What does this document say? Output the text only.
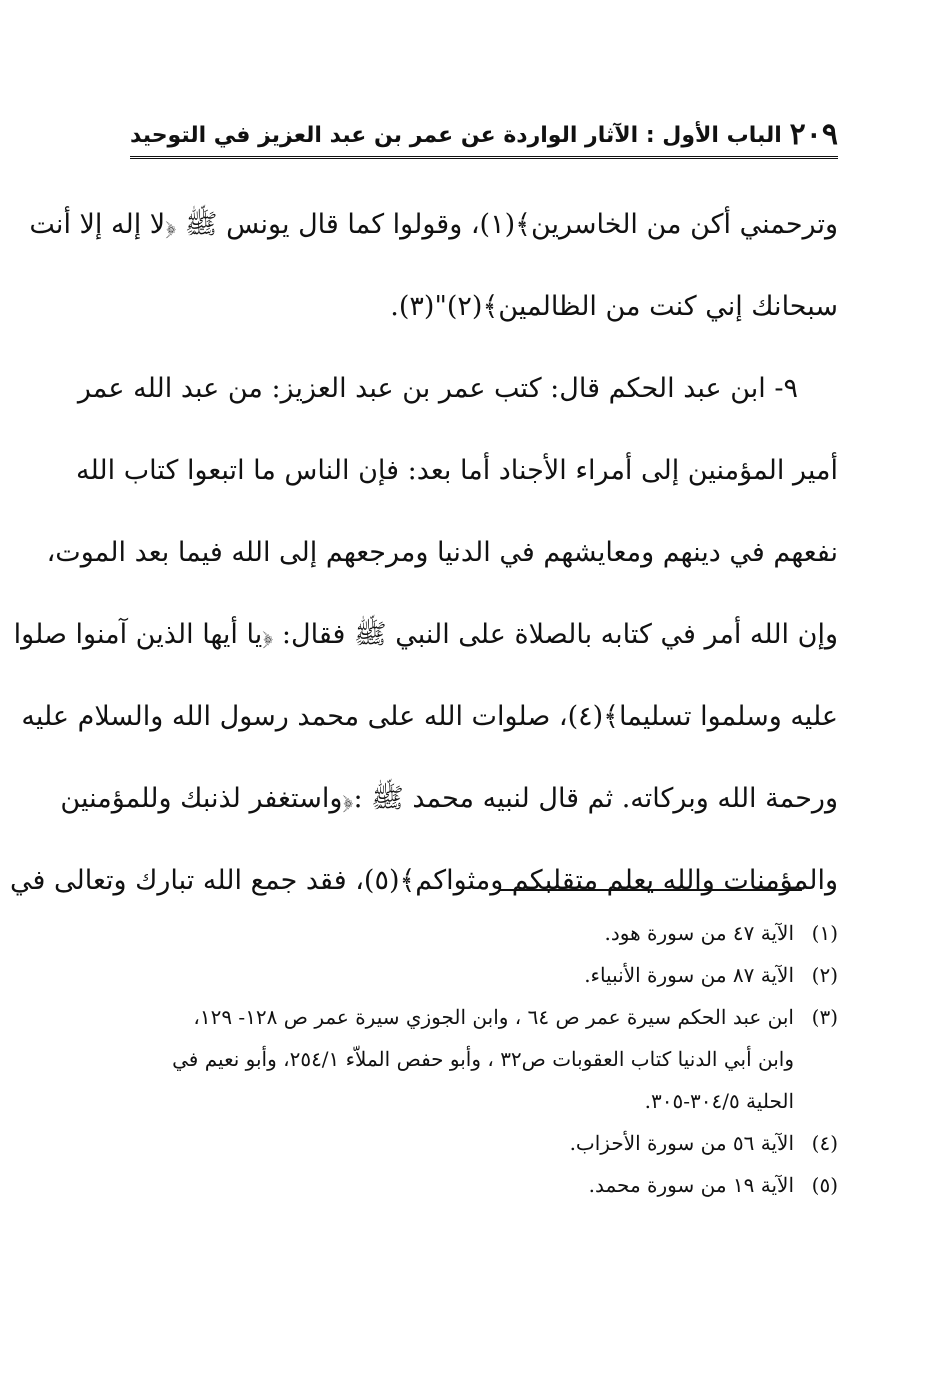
٢٠٩
الباب الأول : الآثار الواردة عن عمر بن عبد العزيز في التوحيد
وترحمني أكن من الخاسرين﴾(١)، وقولوا كما قال يونس ﷺ ﴿لا إله إلا أنت
سبحانك إني كنت من الظالمين﴾(٢)"(٣).
٩- ابن عبد الحكم قال: كتب عمر بن عبد العزيز: من عبد الله عمر
أمير المؤمنين إلى أمراء الأجناد أما بعد: فإن الناس ما اتبعوا كتاب الله
نفعهم في دينهم ومعايشهم في الدنيا ومرجعهم إلى الله فيما بعد الموت،
وإن الله أمر في كتابه بالصلاة على النبي ﷺ فقال: ﴿يا أيها الذين آمنوا صلوا
عليه وسلموا تسليما﴾(٤)، صلوات الله على محمد رسول الله والسلام عليه
ورحمة الله وبركاته. ثم قال لنبيه محمد ﷺ :﴿واستغفر لذنبك وللمؤمنين
والمؤمنات والله يعلم متقلبكم ومثواكم﴾(٥)، فقد جمع الله تبارك وتعالى في
(١)
الآية ٤٧ من سورة هود.
(٢)
الآية ٨٧ من سورة الأنبياء.
(٣)
ابن عبد الحكم سيرة عمر ص ٦٤ ، وابن الجوزي سيرة عمر ص ١٢٨- ١٢٩،
وابن أبي الدنيا كتاب العقوبات ص٣٢ ، وأبو حفص الملاّء ٢٥٤/١، وأبو نعيم في
الحلية ٣٠٤/٥-٣٠٥.
(٤)
الآية ٥٦ من سورة الأحزاب.
(٥)
الآية ١٩ من سورة محمد.
